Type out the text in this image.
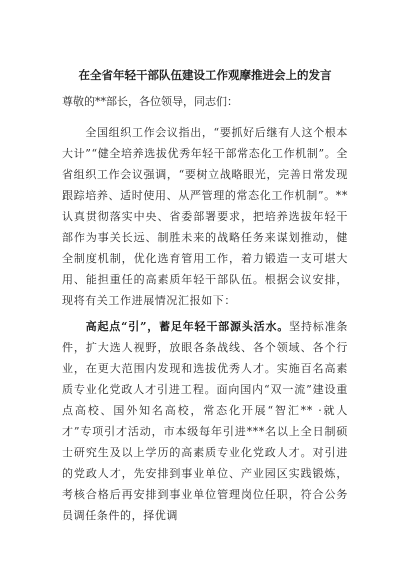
在全省年轻干部队伍建设工作观摩推进会上的发言
尊敬的**部长，各位领导，同志们：

　　全国组织工作会议指出，“要抓好后继有人这个根本大计”“健全培养选拔优秀年轻干部常态化工作机制”。全省组织工作会议强调，“要树立战略眼光，完善日常发现跟踪培养、适时使用、从严管理的常态化工作机制”。**认真贯彻落实中央、省委部署要求，把培养选拔年轻干部作为事关长远、制胜未来的战略任务来谋划推动，健全制度机制，优化选育管用工作，着力锻造一支可堪大用、能担重任的高素质年轻干部队伍。根据会议安排，现将有关工作进展情况汇报如下：

　　高起点“引”，蓄足年轻干部源头活水。坚持标准条件，扩大选人视野，放眼各条战线、各个领域、各个行业，在更大范围内发现和选拔优秀人才。实施百名高素质专业化党政人才引进工程。面向国内“双一流”建设重点高校、国外知名高校，常态化开展“智汇** ·就人才”专项引才活动，市本级每年引进***名以上全日制硕士研究生及以上学历的高素质专业化党政人才。对引进的党政人才，先安排到事业单位、产业园区实践锻炼，考核合格后再安排到事业单位管理岗位任职，符合公务员调任条件的，择优调
